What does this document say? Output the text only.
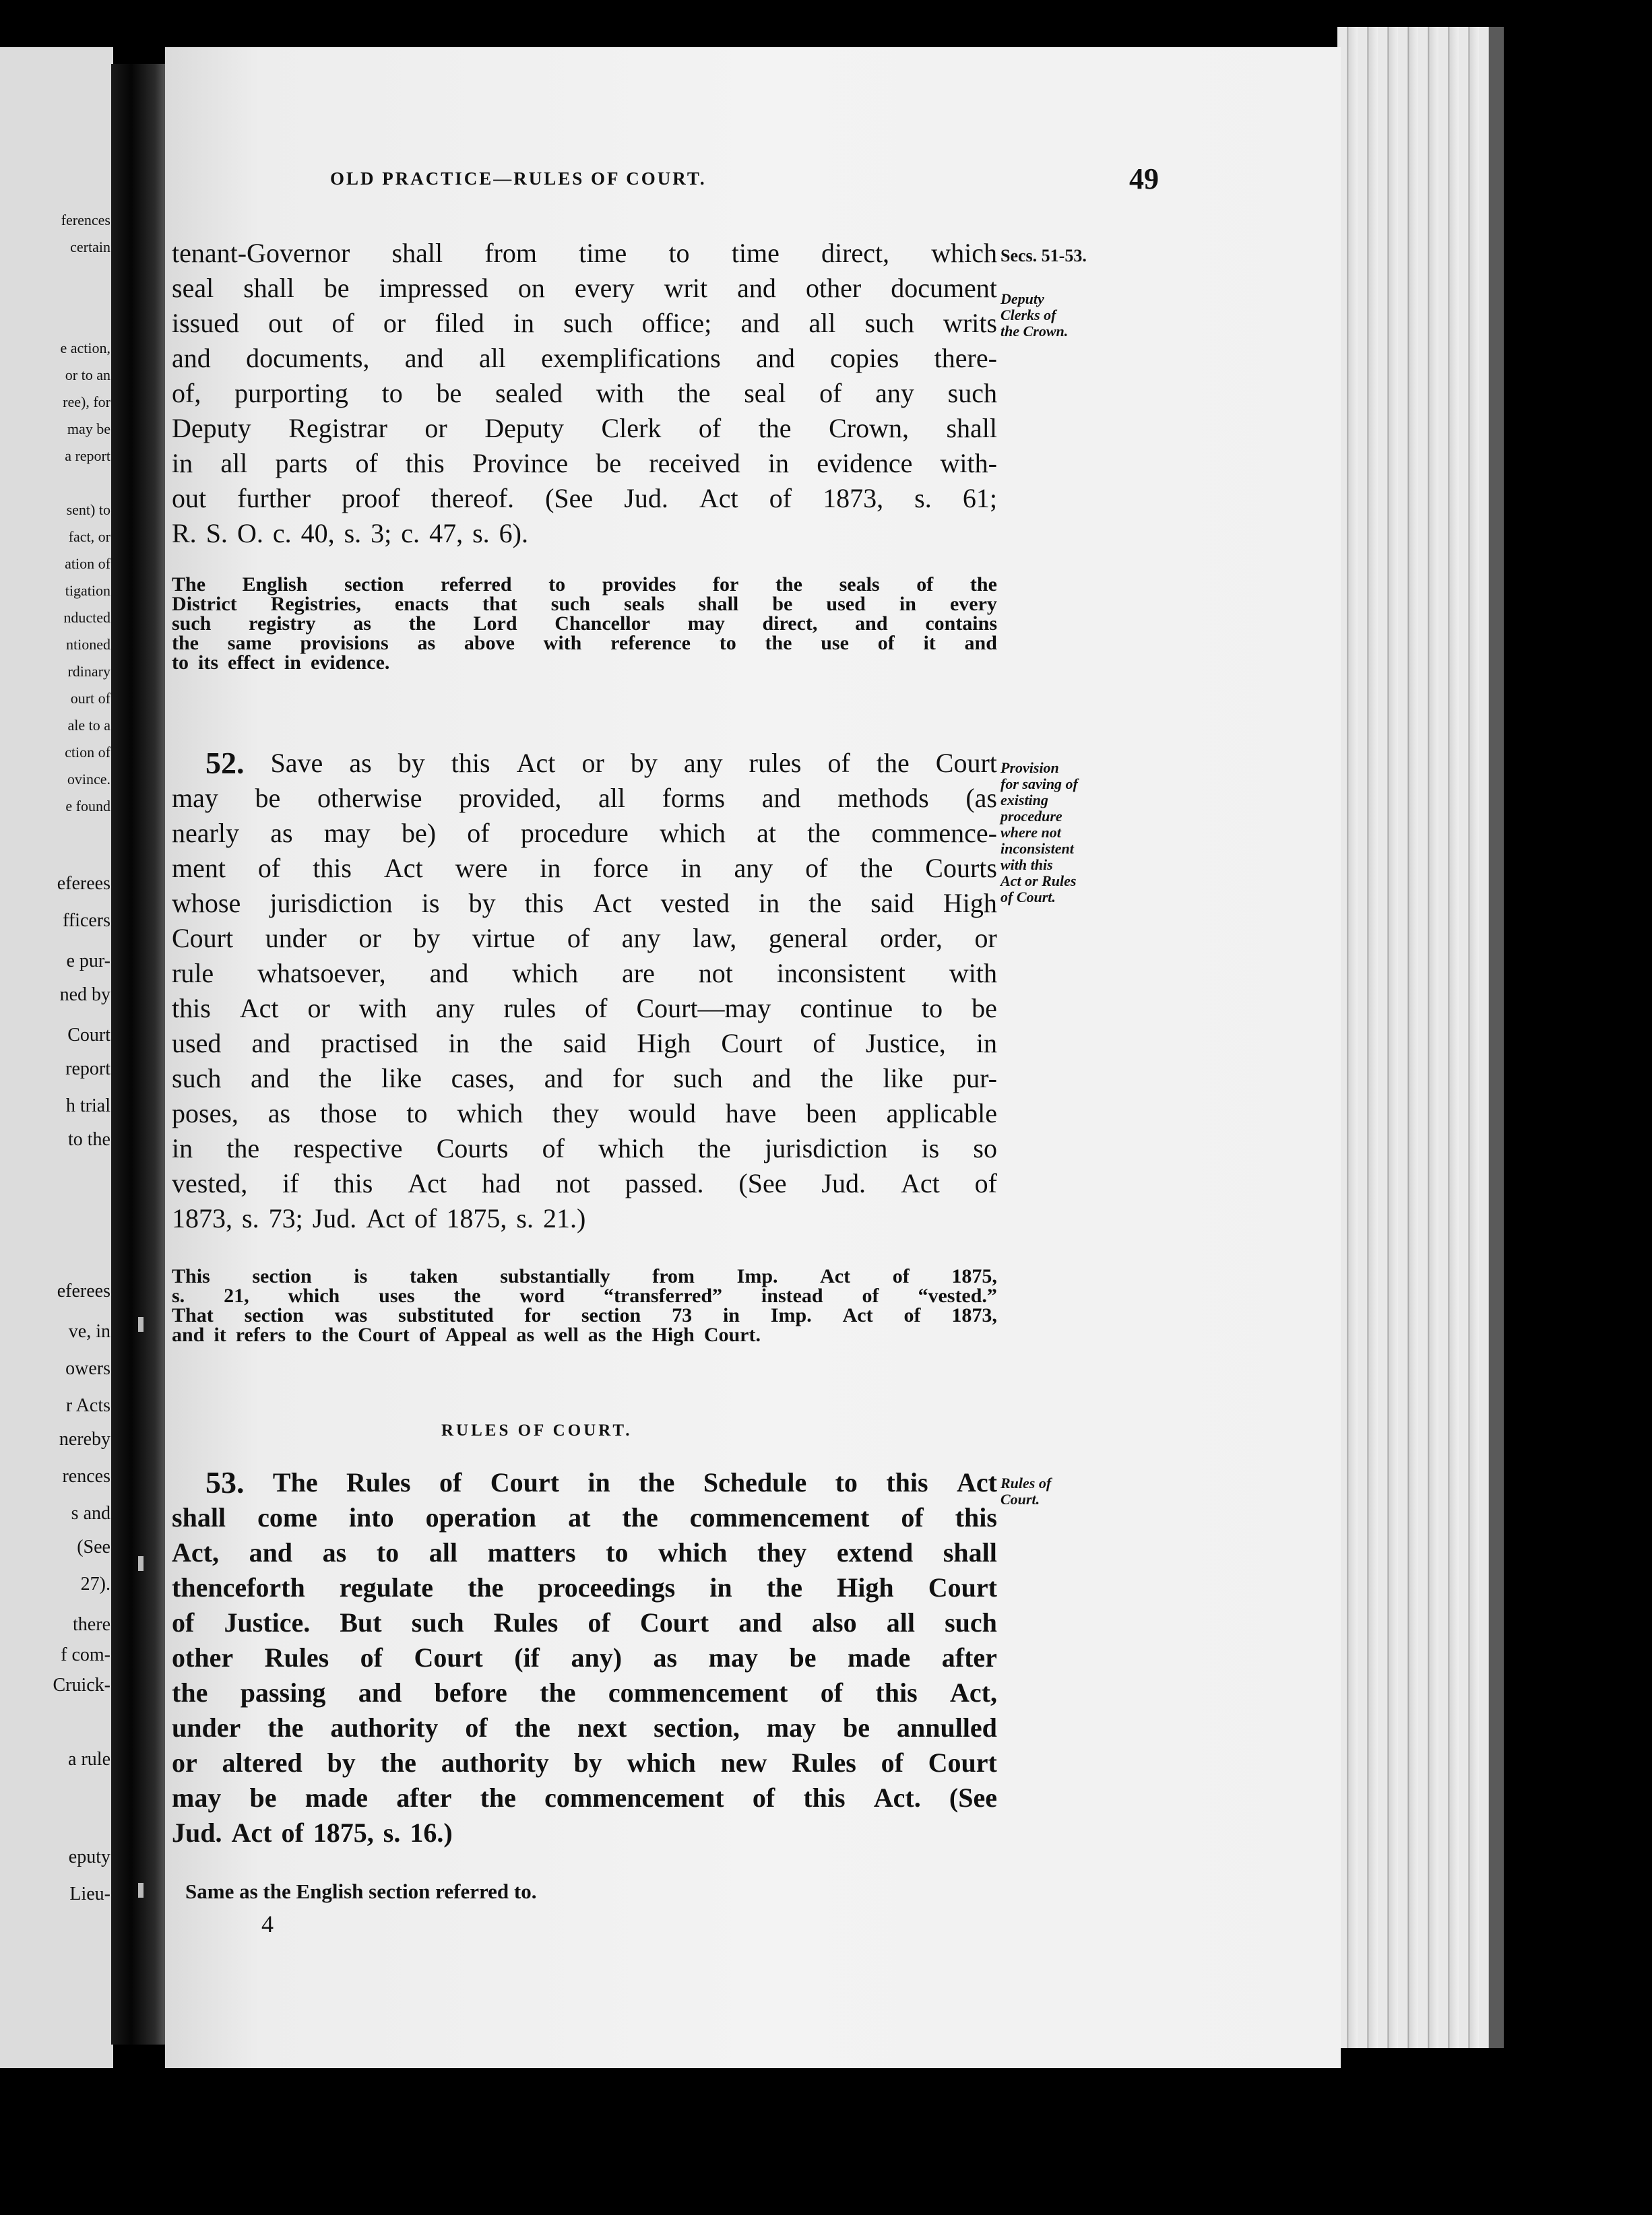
ferences
certain
e action,
or to an
ree), for
may be
a report
sent) to
fact, or
ation of
tigation
nducted
ntioned
rdinary
ourt of
ale to a
ction of
ovince.
e found
eferees
fficers
e pur-
ned by
Court
report
h trial
to the
eferees
ve, in
owers
r Acts
nereby
rences
s and
(See
27).
there
f com-
Cruick-
a rule
eputy
Lieu-
OLD PRACTICE—RULES OF COURT.	49
Secs. 51-53.
Deputy
Clerks of
the Crown.
Provision
for saving of
existing
procedure
where not
inconsistent
with this
Act or Rules
of Court.
Rules of
Court.
tenant-Governor shall from time to time direct, which
seal shall be impressed on every writ and other document
issued out of or filed in such office; and all such writs
and documents, and all exemplifications and copies there-
of, purporting to be sealed with the seal of any such
Deputy Registrar or Deputy Clerk of the Crown, shall
in all parts of this Province be received in evidence with-
out further proof thereof. (See Jud. Act of 1873, s. 61;
R. S. O. c. 40, s. 3; c. 47, s. 6).
The English section referred to provides for the seals of the
District Registries, enacts that such seals shall be used in every
such registry as the Lord Chancellor may direct, and contains
the same provisions as above with reference to the use of it and
to its effect in evidence.
52. Save as by this Act or by any rules of the Court
may be otherwise provided, all forms and methods (as
nearly as may be) of procedure which at the commence-
ment of this Act were in force in any of the Courts
whose jurisdiction is by this Act vested in the said High
Court under or by virtue of any law, general order, or
rule whatsoever, and which are not inconsistent with
this Act or with any rules of Court—may continue to be
used and practised in the said High Court of Justice, in
such and the like cases, and for such and the like pur-
poses, as those to which they would have been applicable
in the respective Courts of which the jurisdiction is so
vested, if this Act had not passed. (See Jud. Act of
1873, s. 73; Jud. Act of 1875, s. 21.)
This section is taken substantially from Imp. Act of 1875,
s. 21, which uses the word “transferred” instead of “vested.”
That section was substituted for section 73 in Imp. Act of 1873,
and it refers to the Court of Appeal as well as the High Court.
RULES OF COURT.
53. The Rules of Court in the Schedule to this Act
shall come into operation at the commencement of this
Act, and as to all matters to which they extend shall
thenceforth regulate the proceedings in the High Court
of Justice. But such Rules of Court and also all such
other Rules of Court (if any) as may be made after
the passing and before the commencement of this Act,
under the authority of the next section, may be annulled
or altered by the authority by which new Rules of Court
may be made after the commencement of this Act. (See
Jud. Act of 1875, s. 16.)
Same as the English section referred to.
4
